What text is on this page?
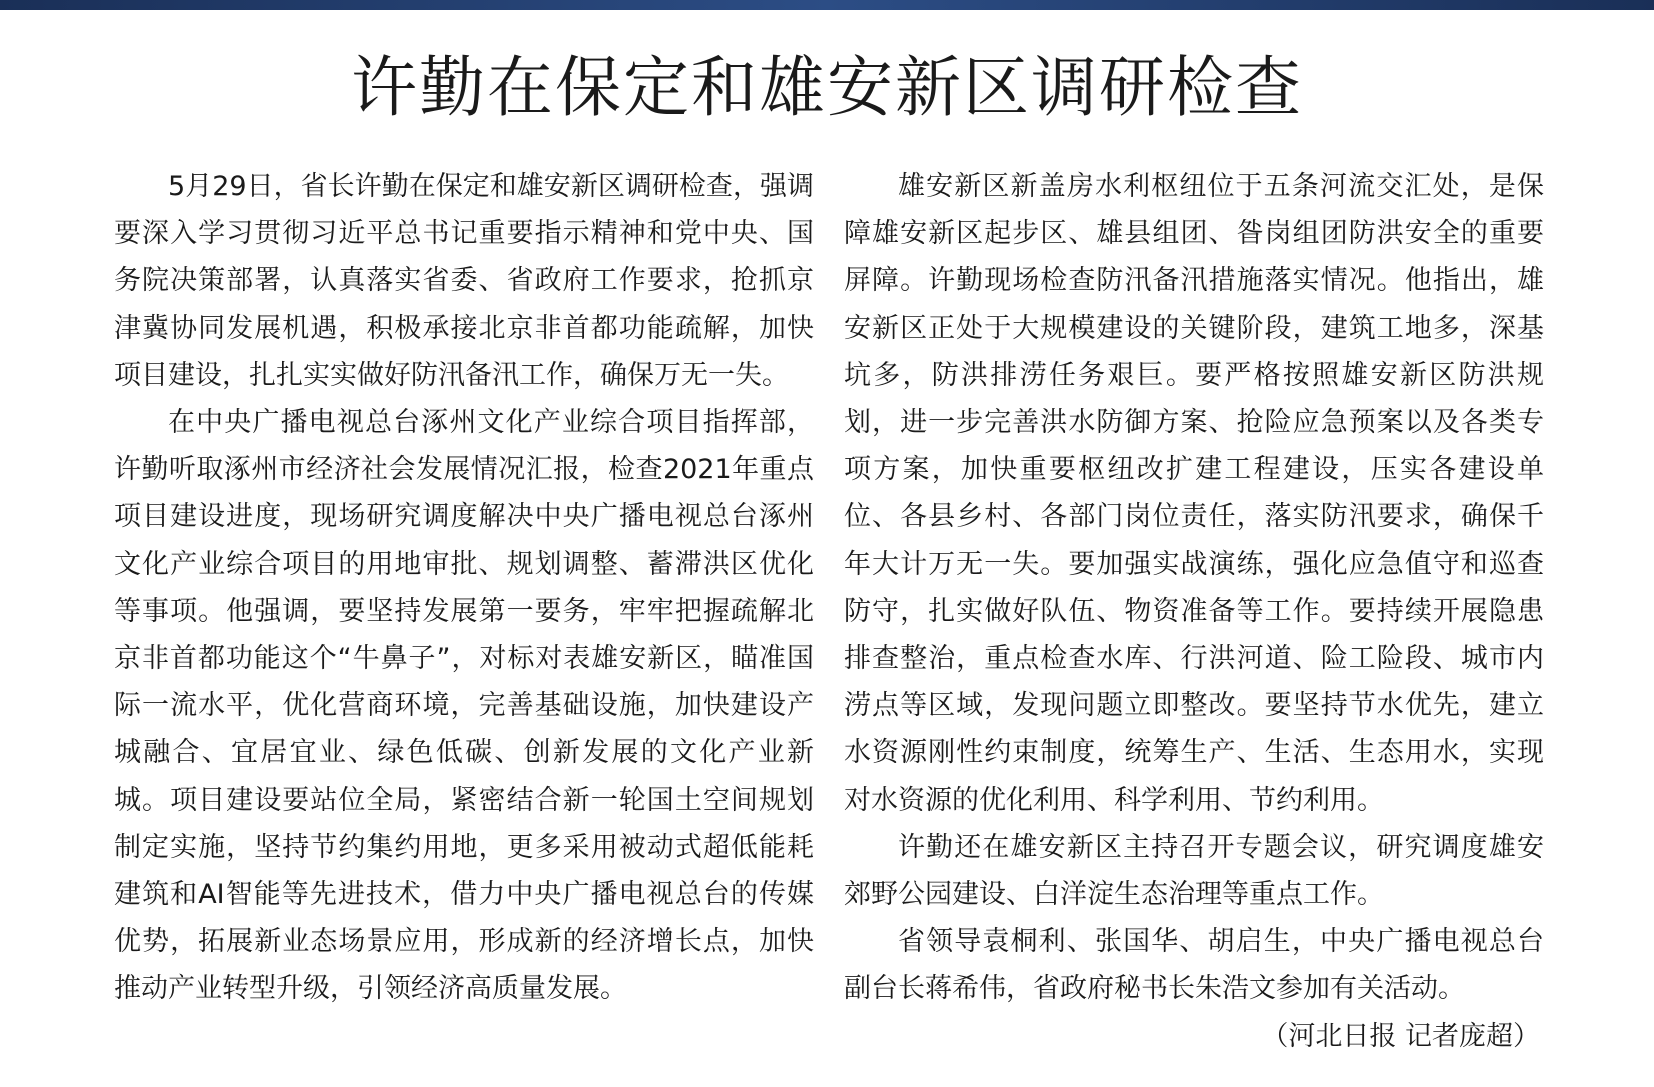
许勤在保定和雄安新区调研检查

5月29日，省长许勤在保定和雄安新区调研检查，强调要深入学习贯彻习近平总书记重要指示精神和党中央、国务院决策部署，认真落实省委、省政府工作要求，抢抓京津冀协同发展机遇，积极承接北京非首都功能疏解，加快项目建设，扎扎实实做好防汛备汛工作，确保万无一失。

在中央广播电视总台涿州文化产业综合项目指挥部，许勤听取涿州市经济社会发展情况汇报，检查2021年重点项目建设进度，现场研究调度解决中央广播电视总台涿州文化产业综合项目的用地审批、规划调整、蓄滞洪区优化等事项。他强调，要坚持发展第一要务，牢牢把握疏解北京非首都功能这个“牛鼻子”，对标对表雄安新区，瞄准国际一流水平，优化营商环境，完善基础设施，加快建设产城融合、宜居宜业、绿色低碳、创新发展的文化产业新城。项目建设要站位全局，紧密结合新一轮国土空间规划制定实施，坚持节约集约用地，更多采用被动式超低能耗建筑和AI智能等先进技术，借力中央广播电视总台的传媒优势，拓展新业态场景应用，形成新的经济增长点，加快推动产业转型升级，引领经济高质量发展。

雄安新区新盖房水利枢纽位于五条河流交汇处，是保障雄安新区起步区、雄县组团、昝岗组团防洪安全的重要屏障。许勤现场检查防汛备汛措施落实情况。他指出，雄安新区正处于大规模建设的关键阶段，建筑工地多，深基坑多，防洪排涝任务艰巨。要严格按照雄安新区防洪规划，进一步完善洪水防御方案、抢险应急预案以及各类专项方案，加快重要枢纽改扩建工程建设，压实各建设单位、各县乡村、各部门岗位责任，落实防汛要求，确保千年大计万无一失。要加强实战演练，强化应急值守和巡查防守，扎实做好队伍、物资准备等工作。要持续开展隐患排查整治，重点检查水库、行洪河道、险工险段、城市内涝点等区域，发现问题立即整改。要坚持节水优先，建立水资源刚性约束制度，统筹生产、生活、生态用水，实现对水资源的优化利用、科学利用、节约利用。

许勤还在雄安新区主持召开专题会议，研究调度雄安郊野公园建设、白洋淀生态治理等重点工作。

省领导袁桐利、张国华、胡启生，中央广播电视总台副台长蒋希伟，省政府秘书长朱浩文参加有关活动。

（河北日报 记者庞超）
